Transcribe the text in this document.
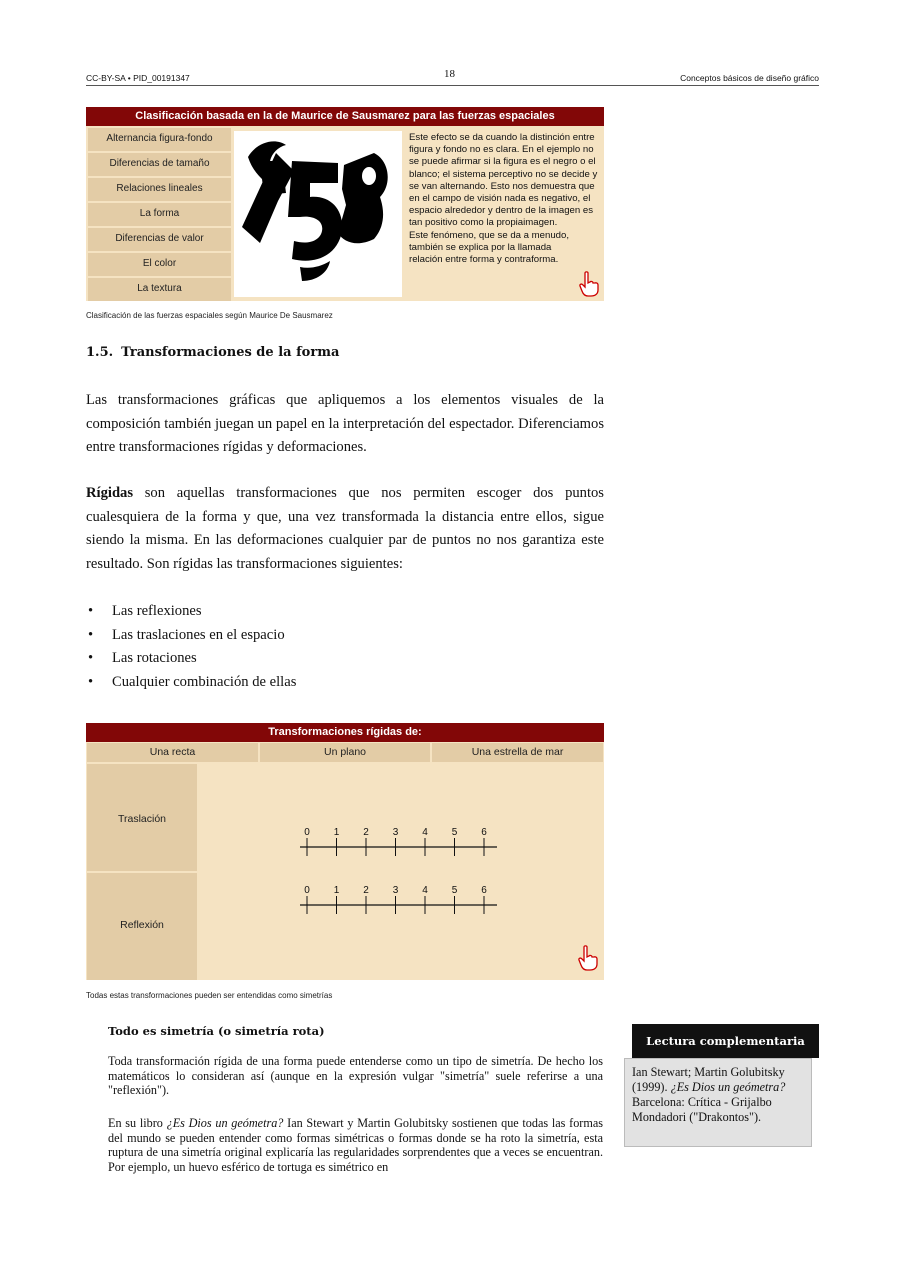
CC-BY-SA • PID_00191347	18	Conceptos básicos de diseño gráfico
Clasificación basada en la de Maurice de Sausmarez para las fuerzas espaciales
Alternancia figura-fondo
Diferencias de tamaño
Relaciones lineales
La forma
Diferencias de valor
El color
La textura
Este efecto se da cuando la distinción entre figura y fondo no es clara. En el ejemplo no se puede afirmar si la figura es el negro o el blanco; el sistema perceptivo no se decide y se van alternando. Esto nos demuestra que en el campo de visión nada es negativo, el espacio alrededor y dentro de la imagen es tan positivo como la propiaimagen.
Este fenómeno, que se da a menudo, también se explica por la llamada relación entre forma y contraforma.
Clasificación de las fuerzas espaciales según Maurice De Sausmarez
1.5. Transformaciones de la forma
Las transformaciones gráficas que apliquemos a los elementos visuales de la composición también juegan un papel en la interpretación del espectador. Diferenciamos entre transformaciones rígidas y deformaciones.
Rígidas son aquellas transformaciones que nos permiten escoger dos puntos cualesquiera de la forma y que, una vez transformada la distancia entre ellos, sigue siendo la misma. En las deformaciones cualquier par de puntos no nos garantiza este resultado. Son rígidas las transformaciones siguientes:
• Las reflexiones
• Las traslaciones en el espacio
• Las rotaciones
• Cualquier combinación de ellas
Transformaciones rígidas de:
Una recta	Un plano	Una estrella de mar
Traslación
Reflexión
0 1 2 3 4 5 6
0 1 2 3 4 5 6
Todas estas transformaciones pueden ser entendidas como simetrías
Todo es simetría (o simetría rota)
Toda transformación rígida de una forma puede entenderse como un tipo de simetría. De hecho los matemáticos lo consideran así (aunque en la expresión vulgar "simetría" suele referirse a una "reflexión").
En su libro ¿Es Dios un geómetra? Ian Stewart y Martin Golubitsky sostienen que todas las formas del mundo se pueden entender como formas simétricas o formas donde se ha roto la simetría, esta ruptura de una simetría original explicaría las regularidades sorprendentes que a veces se encuentran. Por ejemplo, un huevo esférico de tortuga es simétrico en
Lectura complementaria
Ian Stewart; Martin Golubitsky (1999). ¿Es Dios un geómetra? Barcelona: Crítica - Grijalbo Mondadori ("Drakontos").
